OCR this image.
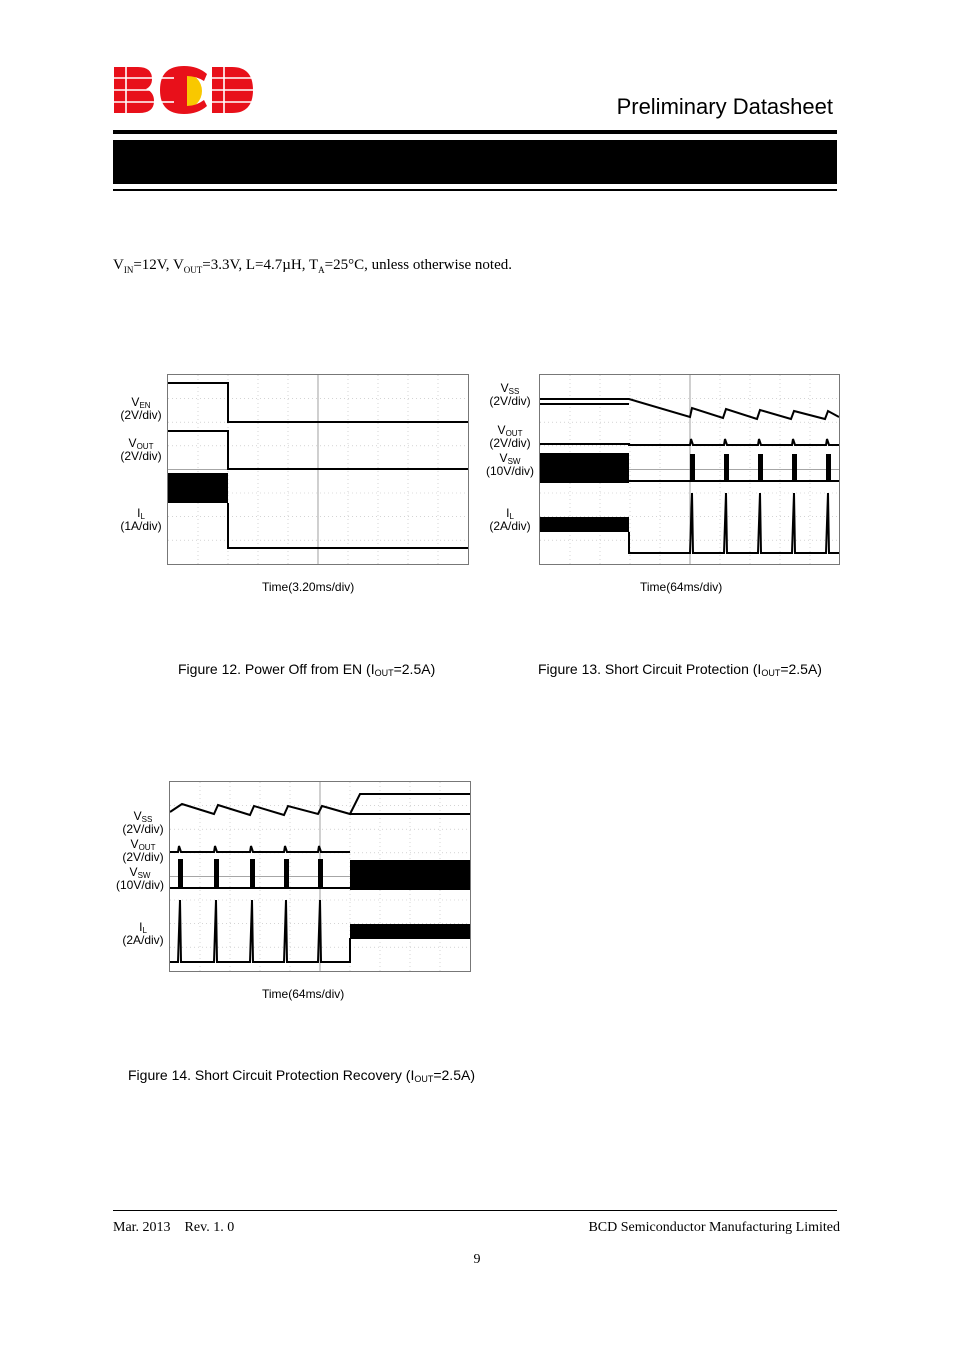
Preliminary Datasheet
$V_{IN}=12V$, $V_{OUT}=3.3V$, L=4.7µH, $T_A=25^\circ C$, unless otherwise noted.
$V_{EN}$
(2V/div)
$V_{OUT}$
(2V/div)
$I_L$
(1A/div)
Time(3.20ms/div)
Figure 12. Power Off from EN $(I_{OUT}=2.5A)$
$V_{SS}$
(2V/div)
$V_{OUT}$
(2V/div)
$V_{SW}$
(10V/div)
$I_L$
(2A/div)
Time(64ms/div)
Figure 13. Short Circuit Protection $(I_{OUT}=2.5A)$
$V_{SS}$
(2V/div)
$V_{OUT}$
(2V/div)
$V_{SW}$
(10V/div)
$I_L$
(2A/div)
Time(64ms/div)
Figure 14. Short Circuit Protection Recovery $(I_{OUT}=2.5A)$
Mar. 2013    Rev. 1. 0	BCD Semiconductor Manufacturing Limited
9
